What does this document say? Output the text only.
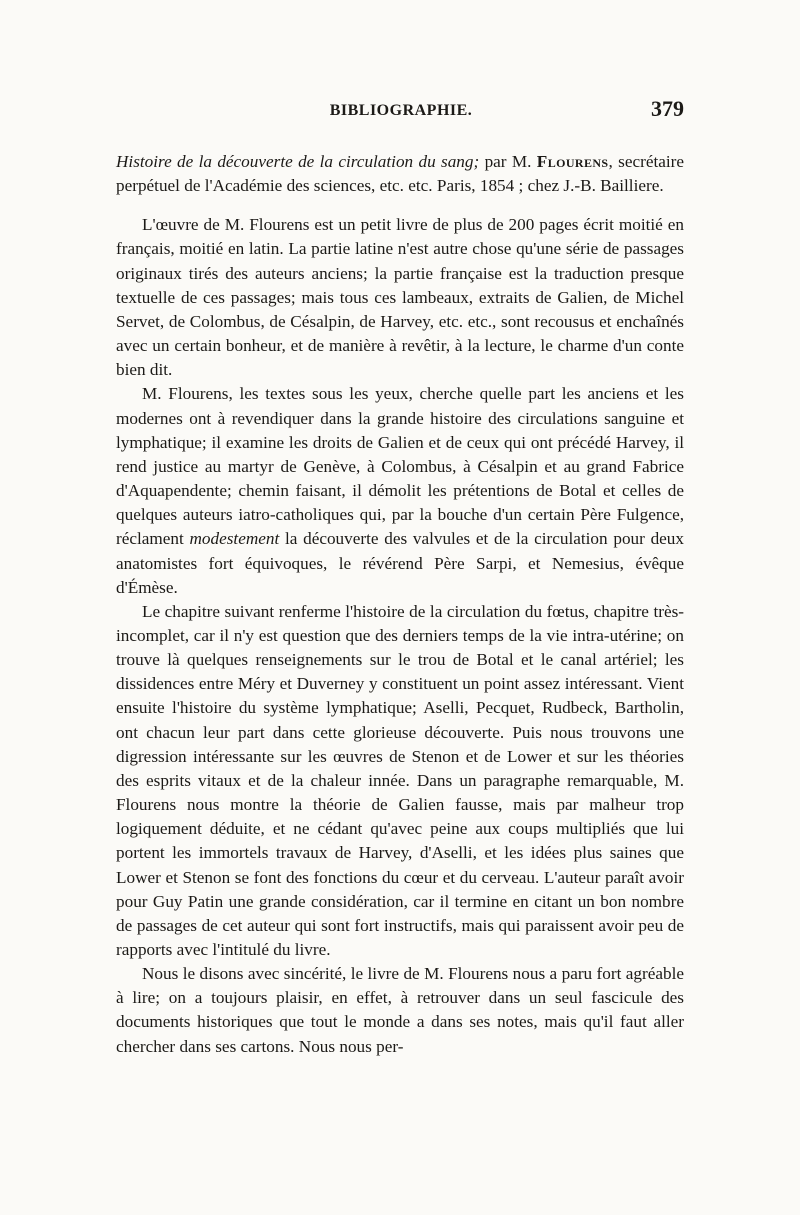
BIBLIOGRAPHIE.	379
Histoire de la découverte de la circulation du sang; par M. Flourens, secrétaire perpétuel de l'Académie des sciences, etc. etc. Paris, 1854 ; chez J.-B. Bailliere.

L'œuvre de M. Flourens est un petit livre de plus de 200 pages écrit moitié en français, moitié en latin. La partie latine n'est autre chose qu'une série de passages originaux tirés des auteurs anciens; la partie française est la traduction presque textuelle de ces passages; mais tous ces lambeaux, extraits de Galien, de Michel Servet, de Colombus, de Césalpin, de Harvey, etc. etc., sont recousus et enchaînés avec un certain bonheur, et de manière à revêtir, à la lecture, le charme d'un conte bien dit.

M. Flourens, les textes sous les yeux, cherche quelle part les anciens et les modernes ont à revendiquer dans la grande histoire des circulations sanguine et lymphatique; il examine les droits de Galien et de ceux qui ont précédé Harvey, il rend justice au martyr de Genève, à Colombus, à Césalpin et au grand Fabrice d'Aquapendente; chemin faisant, il démolit les prétentions de Botal et celles de quelques auteurs iatro-catholiques qui, par la bouche d'un certain Père Fulgence, réclament modestement la découverte des valvules et de la circulation pour deux anatomistes fort équivoques, le révérend Père Sarpi, et Nemesius, évêque d'Émèse.

Le chapitre suivant renferme l'histoire de la circulation du fœtus, chapitre très-incomplet, car il n'y est question que des derniers temps de la vie intra-utérine; on trouve là quelques renseignements sur le trou de Botal et le canal artériel; les dissidences entre Méry et Duverney y constituent un point assez intéressant. Vient ensuite l'histoire du système lymphatique; Aselli, Pecquet, Rudbeck, Bartholin, ont chacun leur part dans cette glorieuse découverte. Puis nous trouvons une digression intéressante sur les œuvres de Stenon et de Lower et sur les théories des esprits vitaux et de la chaleur innée. Dans un paragraphe remarquable, M. Flourens nous montre la théorie de Galien fausse, mais par malheur trop logiquement déduite, et ne cédant qu'avec peine aux coups multipliés que lui portent les immortels travaux de Harvey, d'Aselli, et les idées plus saines que Lower et Stenon se font des fonctions du cœur et du cerveau. L'auteur paraît avoir pour Guy Patin une grande considération, car il termine en citant un bon nombre de passages de cet auteur qui sont fort instructifs, mais qui paraissent avoir peu de rapports avec l'intitulé du livre.

Nous le disons avec sincérité, le livre de M. Flourens nous a paru fort agréable à lire; on a toujours plaisir, en effet, à retrouver dans un seul fascicule des documents historiques que tout le monde a dans ses notes, mais qu'il faut aller chercher dans ses cartons. Nous nous per-
